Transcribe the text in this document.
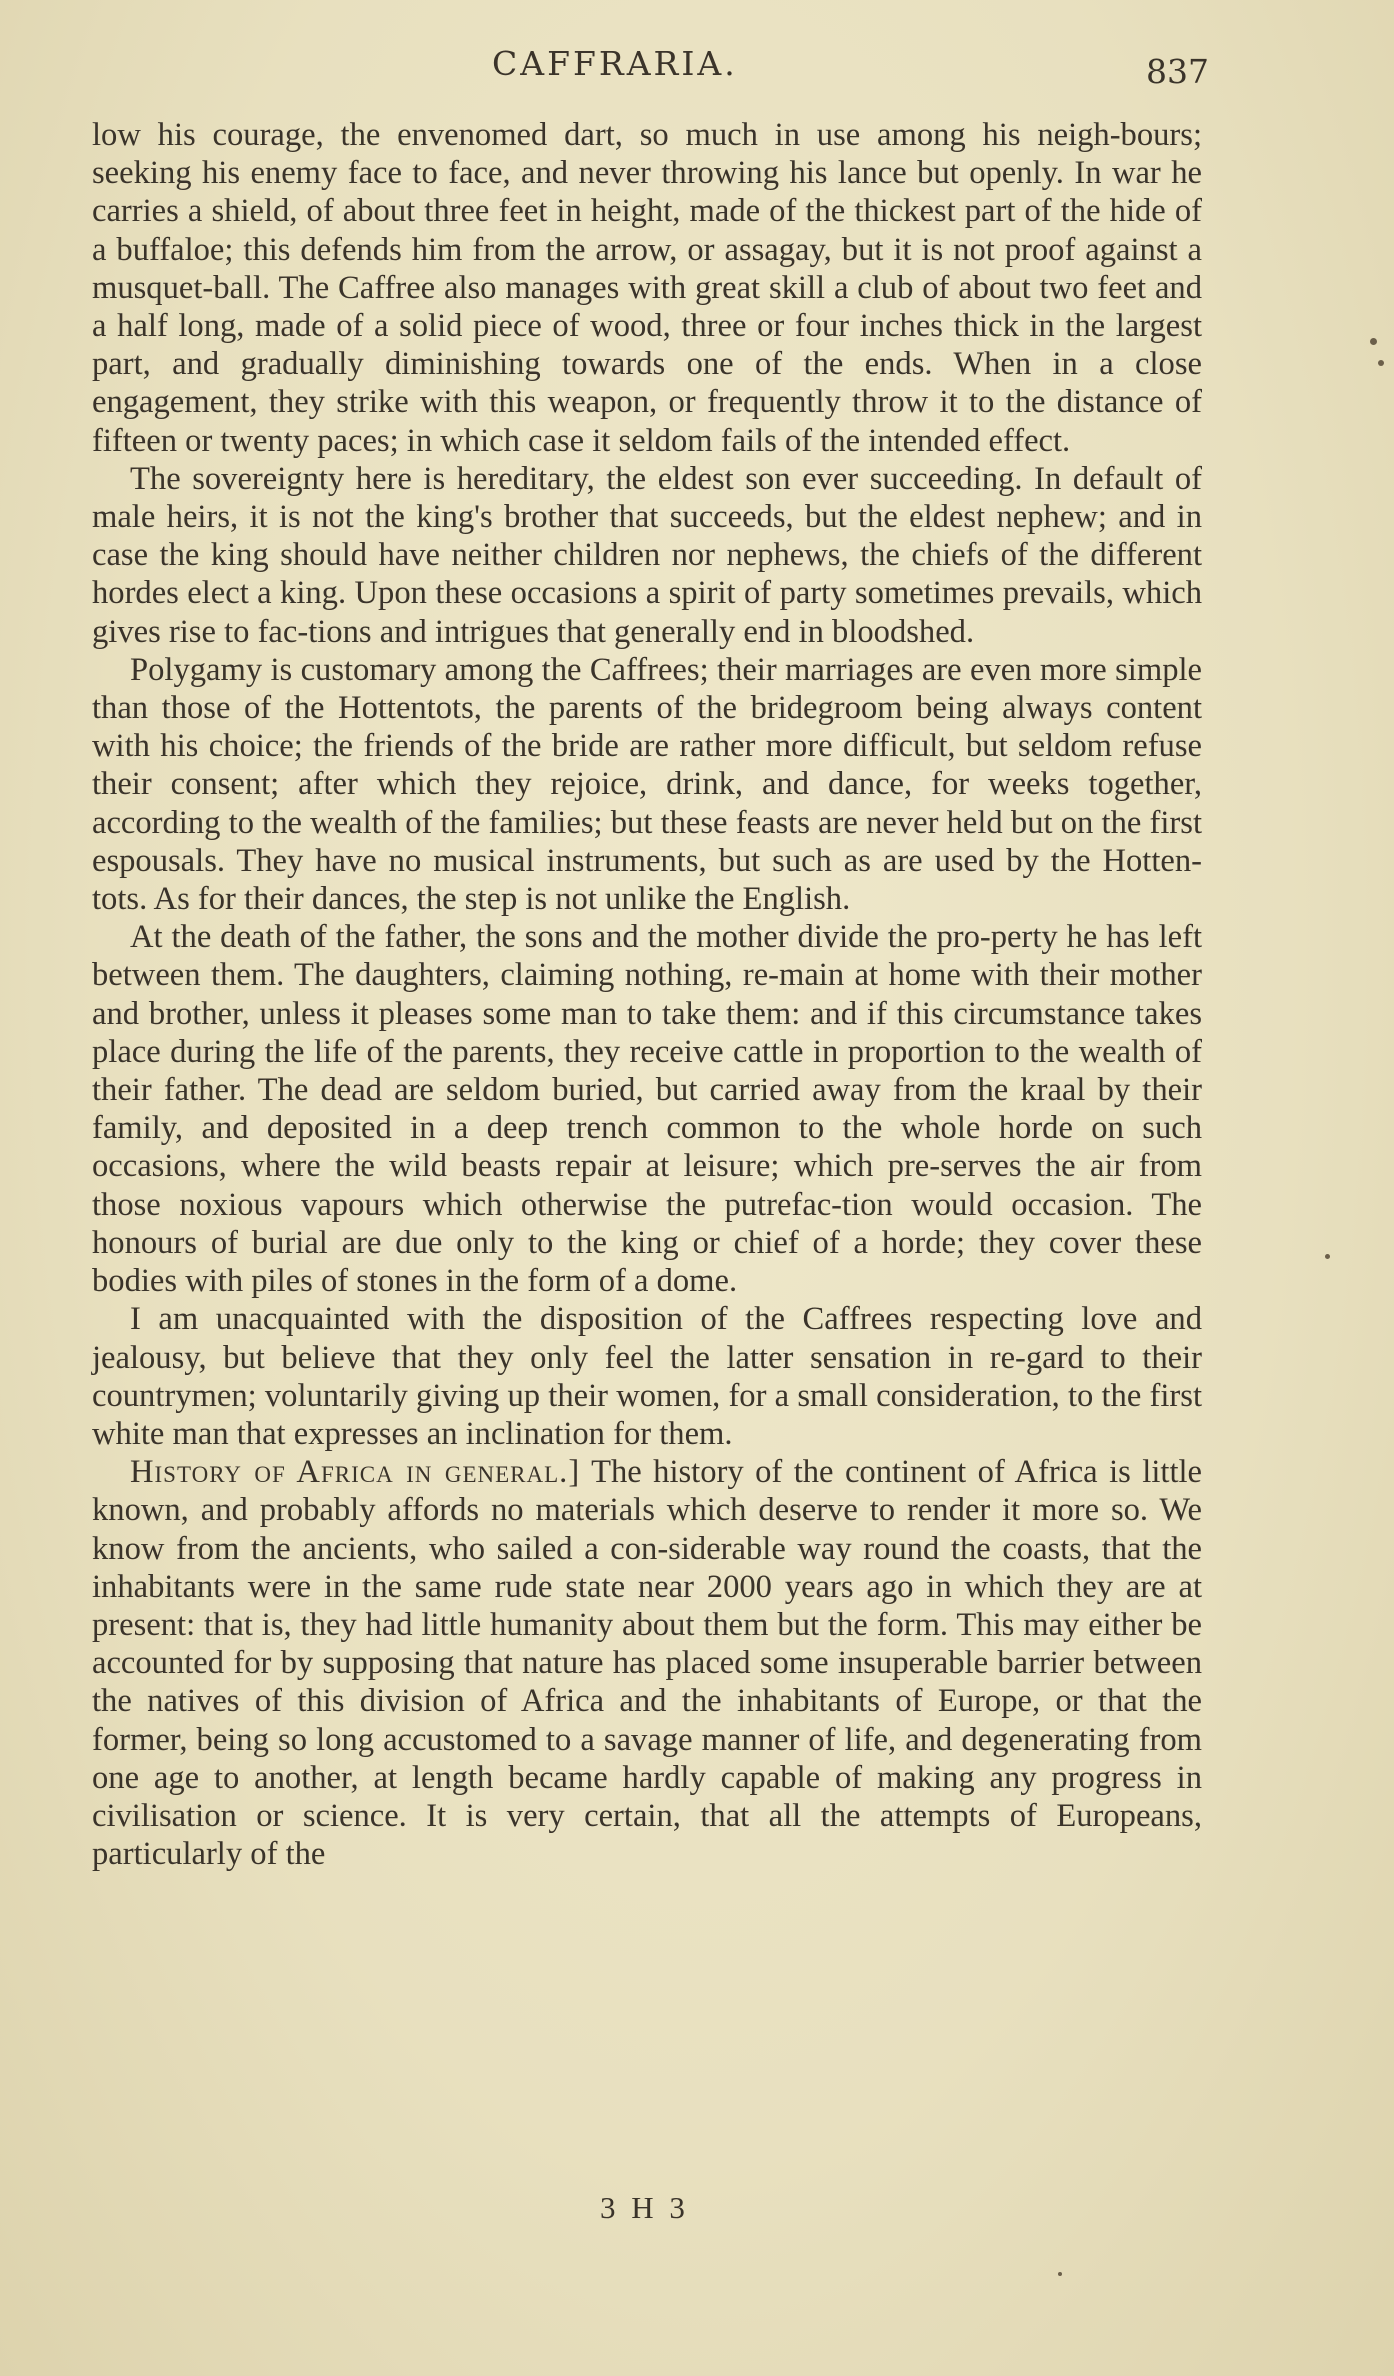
CAFFRARIA.	837

low his courage, the envenomed dart, so much in use among his neigh-bours; seeking his enemy face to face, and never throwing his lance but openly. In war he carries a shield, of about three feet in height, made of the thickest part of the hide of a buffaloe; this defends him from the arrow, or assagay, but it is not proof against a musquet-ball. The Caffree also manages with great skill a club of about two feet and a half long, made of a solid piece of wood, three or four inches thick in the largest part, and gradually diminishing towards one of the ends. When in a close engagement, they strike with this weapon, or frequently throw it to the distance of fifteen or twenty paces; in which case it seldom fails of the intended effect.

The sovereignty here is hereditary, the eldest son ever succeeding. In default of male heirs, it is not the king's brother that succeeds, but the eldest nephew; and in case the king should have neither children nor nephews, the chiefs of the different hordes elect a king. Upon these occasions a spirit of party sometimes prevails, which gives rise to fac-tions and intrigues that generally end in bloodshed.

Polygamy is customary among the Caffrees; their marriages are even more simple than those of the Hottentots, the parents of the bridegroom being always content with his choice; the friends of the bride are rather more difficult, but seldom refuse their consent; after which they rejoice, drink, and dance, for weeks together, according to the wealth of the families; but these feasts are never held but on the first espousals. They have no musical instruments, but such as are used by the Hotten-tots. As for their dances, the step is not unlike the English.

At the death of the father, the sons and the mother divide the pro-perty he has left between them. The daughters, claiming nothing, re-main at home with their mother and brother, unless it pleases some man to take them: and if this circumstance takes place during the life of the parents, they receive cattle in proportion to the wealth of their father. The dead are seldom buried, but carried away from the kraal by their family, and deposited in a deep trench common to the whole horde on such occasions, where the wild beasts repair at leisure; which pre-serves the air from those noxious vapours which otherwise the putrefac-tion would occasion. The honours of burial are due only to the king or chief of a horde; they cover these bodies with piles of stones in the form of a dome.

I am unacquainted with the disposition of the Caffrees respecting love and jealousy, but believe that they only feel the latter sensation in re-gard to their countrymen; voluntarily giving up their women, for a small consideration, to the first white man that expresses an inclination for them.

History of Africa in general.] The history of the continent of Africa is little known, and probably affords no materials which deserve to render it more so. We know from the ancients, who sailed a con-siderable way round the coasts, that the inhabitants were in the same rude state near 2000 years ago in which they are at present: that is, they had little humanity about them but the form. This may either be accounted for by supposing that nature has placed some insuperable barrier between the natives of this division of Africa and the inhabitants of Europe, or that the former, being so long accustomed to a savage manner of life, and degenerating from one age to another, at length became hardly capable of making any progress in civilisation or science. It is very certain, that all the attempts of Europeans, particularly of the

3 H 3
